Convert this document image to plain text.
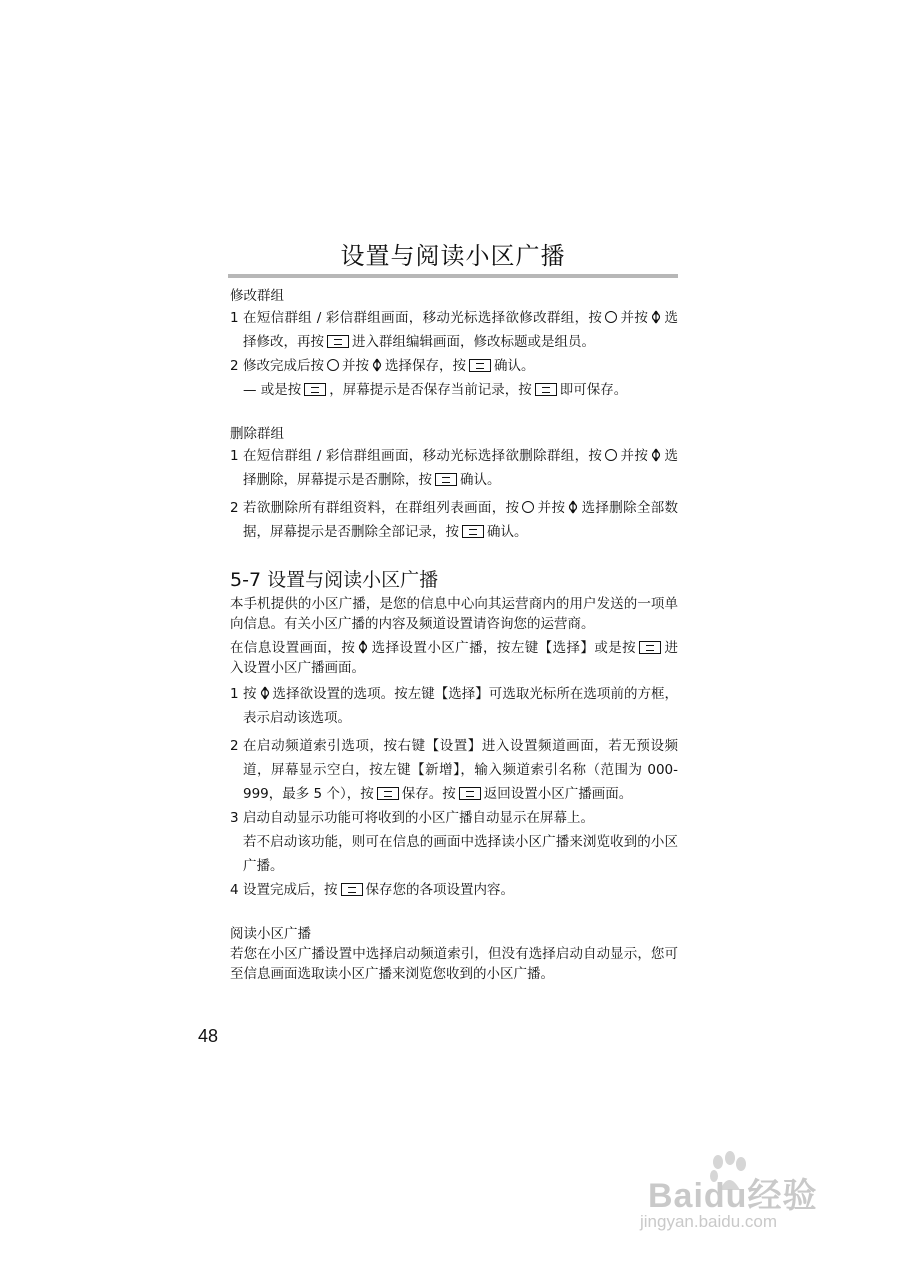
设置与阅读小区广播

修改群组

1 在短信群组 / 彩信群组画面，移动光标选择欲修改群组，按 并按 选择修改，再按 进入群组编辑画面，修改标题或是组员。
2 修改完成后按 并按 选择保存，按 确认。
— 或是按 ，屏幕提示是否保存当前记录，按 即可保存。

删除群组

1 在短信群组 / 彩信群组画面，移动光标选择欲删除群组，按 并按 选择删除，屏幕提示是否删除，按 确认。
2 若欲删除所有群组资料，在群组列表画面，按 并按 选择删除全部数据，屏幕提示是否删除全部记录，按 确认。

5-7 设置与阅读小区广播

本手机提供的小区广播，是您的信息中心向其运营商内的用户发送的一项单向信息。有关小区广播的内容及频道设置请咨询您的运营商。

在信息设置画面，按 选择设置小区广播，按左键【选择】或是按 进入设置小区广播画面。

1 按 选择欲设置的选项。按左键【选择】可选取光标所在选项前的方框，表示启动该选项。
2 在启动频道索引选项，按右键【设置】进入设置频道画面，若无预设频道，屏幕显示空白，按左键【新增】，输入频道索引名称（范围为 000-999，最多 5 个），按 保存。按 返回设置小区广播画面。
3 启动自动显示功能可将收到的小区广播自动显示在屏幕上。
若不启动该功能，则可在信息的画面中选择读小区广播来浏览收到的小区广播。
4 设置完成后，按 保存您的各项设置内容。

阅读小区广播

若您在小区广播设置中选择启动频道索引，但没有选择启动自动显示，您可至信息画面选取读小区广播来浏览您收到的小区广播。

48
Baidu经验
jingyan.baidu.com
